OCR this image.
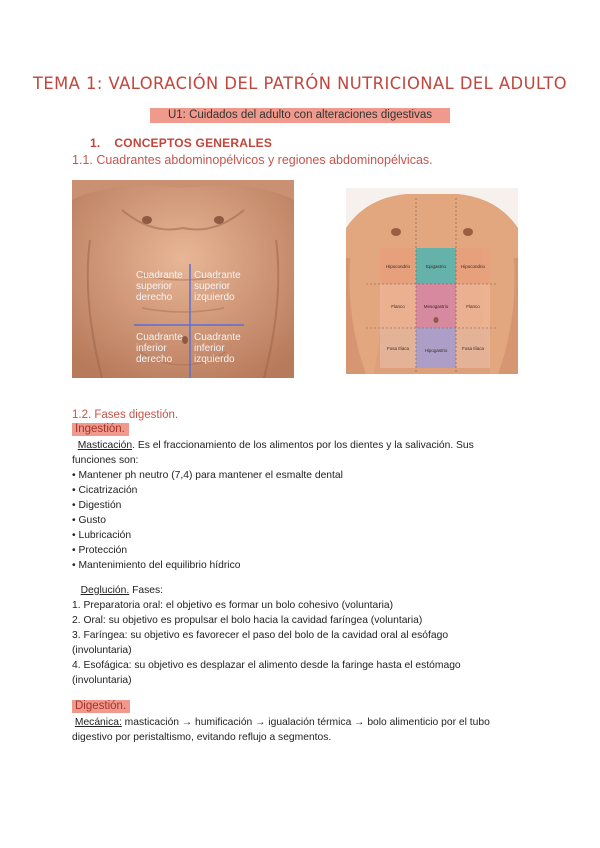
TEMA 1: VALORACIÓN DEL PATRÓN NUTRICIONAL DEL ADULTO
U1: Cuidados del adulto con alteraciones digestivas
1. CONCEPTOS GENERALES
1.1. Cuadrantes abdominopélvicos y regiones abdominopélvicas.
Cuadrante superior derecho
Cuadrante superior izquierdo
Cuadrante inferior derecho
Cuadrante inferior izquierdo
Hipocondrio	Epigastrio	Hipocondrio
Flanco	Mesogastrio	Flanco
Fosa Ilíaca	Hipogastrio	Fosa Ilíaca
1.2. Fases digestión.
Ingestión.
Masticación. Es el fraccionamiento de los alimentos por los dientes y la salivación. Sus
funciones son:
• Mantener ph neutro (7,4) para mantener el esmalte dental
• Cicatrización
• Digestión
• Gusto
• Lubricación
• Protección
• Mantenimiento del equilibrio hídrico
Deglución. Fases:
1. Preparatoria oral: el objetivo es formar un bolo cohesivo (voluntaria)
2. Oral: su objetivo es propulsar el bolo hacia la cavidad faríngea (voluntaria)
3. Faríngea: su objetivo es favorecer el paso del bolo de la cavidad oral al esófago
(involuntaria)
4. Esofágica: su objetivo es desplazar el alimento desde la faringe hasta el estómago
(involuntaria)
Digestión.
Mecánica: masticación → humificación → igualación térmica → bolo alimenticio por el tubo
digestivo por peristaltismo, evitando reflujo a segmentos.
